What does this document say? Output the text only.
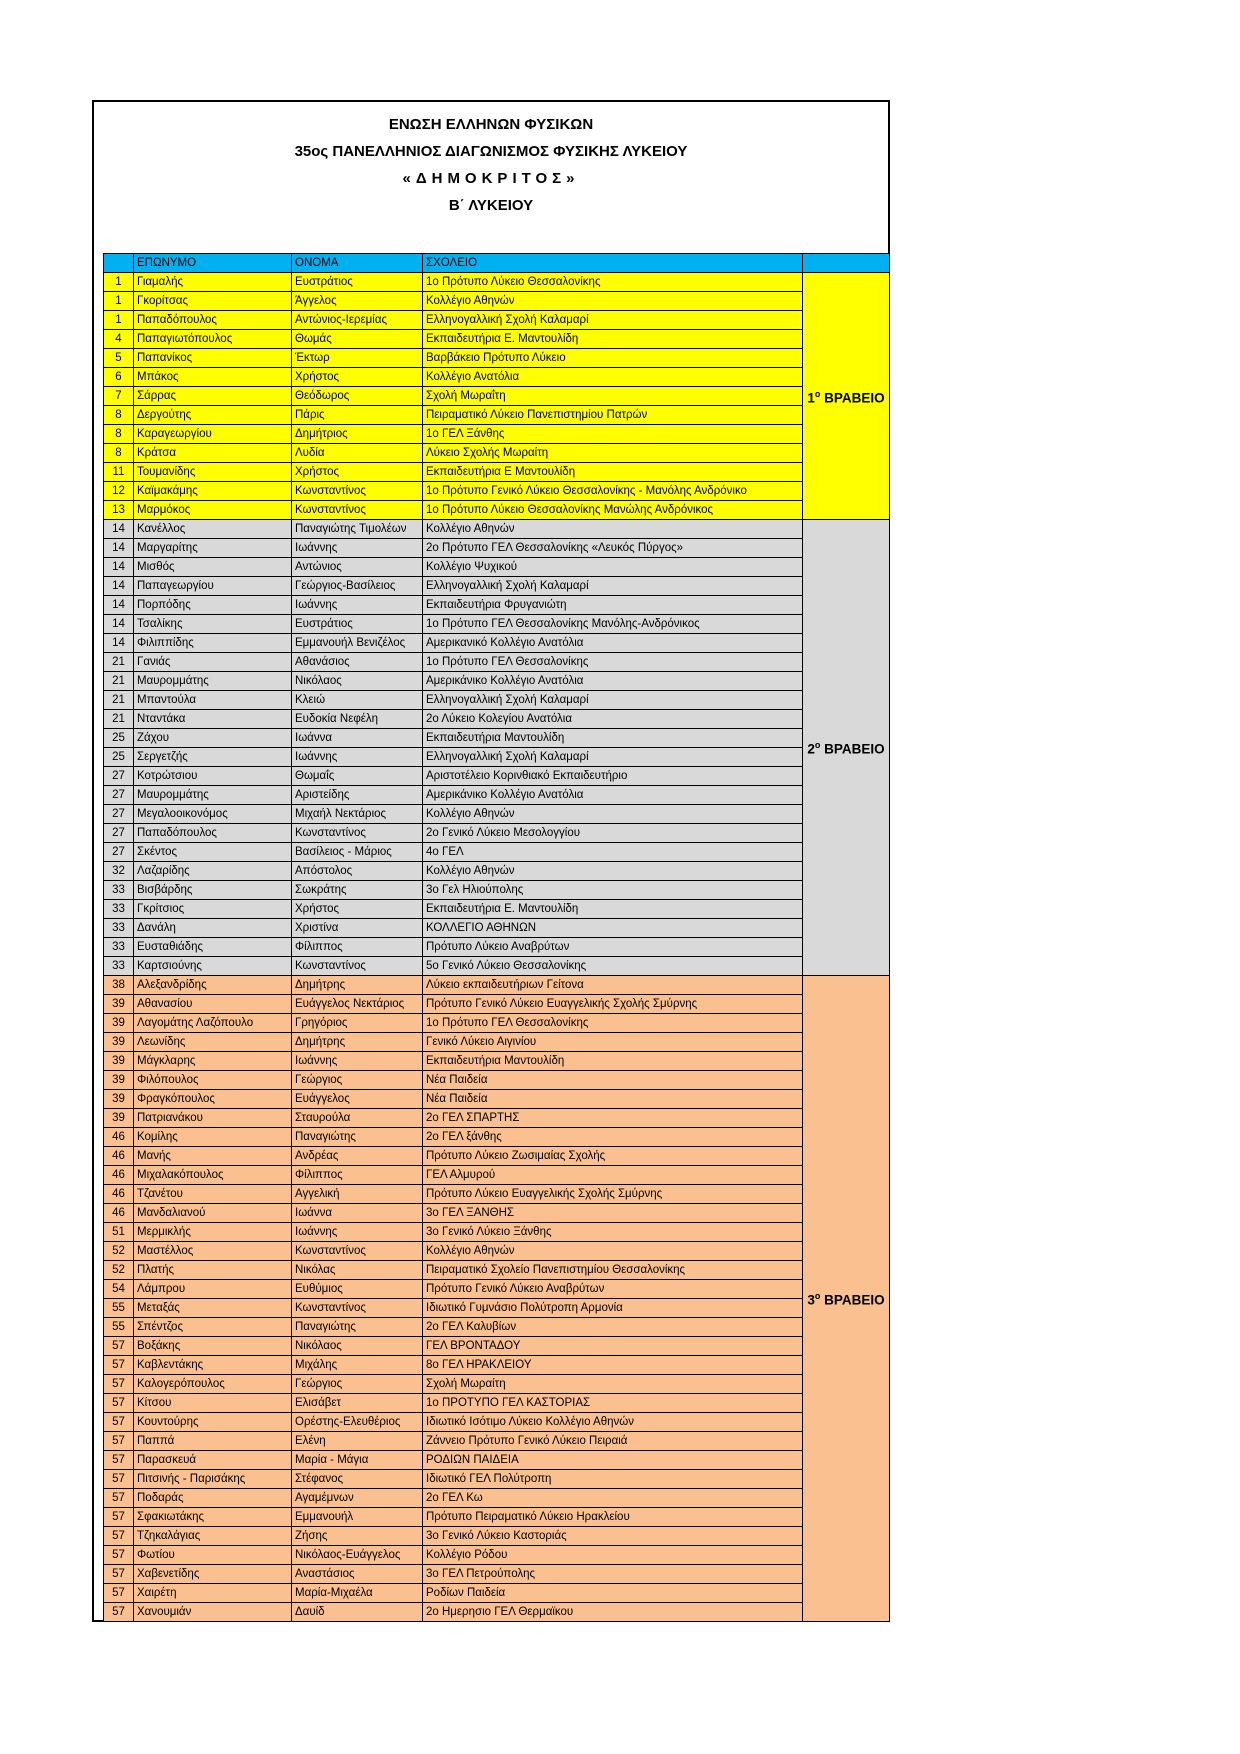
ΕΝΩΣΗ ΕΛΛΗΝΩΝ ΦΥΣΙΚΩΝ
35ος ΠΑΝΕΛΛΗΝΙΟΣ ΔΙΑΓΩΝΙΣΜΟΣ ΦΥΣΙΚΗΣ ΛΥΚΕΙΟΥ
«ΔΗΜΟΚΡΙΤΟΣ»
Β΄ ΛΥΚΕΙΟΥ
	ΕΠΩΝΥΜΟ	ΟΝΟΜΑ	ΣΧΟΛΕΙΟ	
1	Γιαμαλής	Ευστράτιος	1ο Πρότυπο Λύκειο Θεσσαλονίκης	$1^o$ ΒΡΑΒΕΙΟ
1	Γκορίτσας	Άγγελος	Κολλέγιο Αθηνών	
1	Παπαδόπουλος	Αντώνιος-Ιερεμίας	Ελληνογαλλική Σχολή Καλαμαρί	
4	Παπαγιωτόπουλος	Θωμάς	Εκπαιδευτήρια Ε. Μαντουλίδη	
5	Παπανίκος	Έκτωρ	Βαρβάκειο Πρότυπο Λύκειο	
6	Μπάκος	Χρήστος	Κολλέγιο Ανατόλια	
7	Σάρρας	Θεόδωρος	Σχολή Μωραΐτη	
8	Δεργούτης	Πάρις	Πειραματικό Λύκειο Πανεπιστημίου Πατρών	
8	Καραγεωργίου	Δημήτριος	1ο ΓΕΛ Ξάνθης	
8	Κράτσα	Λυδία	Λύκειο Σχολής Μωραίτη	
11	Τουμανίδης	Χρήστος	Εκπαιδευτήρια Ε Μαντουλίδη	
12	Καϊμακάμης	Κωνσταντίνος	1ο Πρότυπο Γενικό Λύκειο Θεσσαλονίκης - Μανόλης Ανδρόνικο	
13	Μαρμόκος	Κωνσταντίνος	1ο Πρότυπο Λύκειο Θεσσαλονίκης Μανώλης Ανδρόνικος	
14	Κανέλλος	Παναγιώτης Τιμολέων	Κολλέγιο Αθηνών	$2^o$ ΒΡΑΒΕΙΟ
14	Μαργαρίτης	Ιωάννης	2ο Πρότυπο ΓΕΛ Θεσσαλονίκης «Λευκός Πύργος»	
14	Μισθός	Αντώνιος	Κολλέγιο Ψυχικού	
14	Παπαγεωργίου	Γεώργιος-Βασίλειος	Ελληνογαλλική Σχολή Καλαμαρί	
14	Πορπόδης	Ιωάννης	Εκπαιδευτήρια Φρυγανιώτη	
14	Τσαλίκης	Ευστράτιος	1ο Πρότυπο ΓΕΛ Θεσσαλονίκης Μανόλης-Ανδρόνικος	
14	Φιλιππίδης	Εμμανουήλ Βενιζέλος	Αμερικανικό Κολλέγιο Ανατόλια	
21	Γανιάς	Αθανάσιος	1ο Πρότυπο ΓΕΛ Θεσσαλονίκης	
21	Μαυρομμάτης	Νικόλαος	Αμερικάνικο Κολλέγιο Ανατόλια	
21	Μπαντούλα	Κλειώ	Ελληνογαλλική Σχολή Καλαμαρί	
21	Νταντάκα	Ευδοκία Νεφέλη	2ο Λύκειο Κολεγίου Ανατόλια	
25	Ζάχου	Ιωάννα	Εκπαιδευτήρια Μαντουλίδη	
25	Σεργετζής	Ιωάννης	Ελληνογαλλική Σχολή Καλαμαρί	
27	Κοτρώτσιου	Θωμαΐς	Αριστοτέλειο Κορινθιακό Εκπαιδευτήριο	
27	Μαυρομμάτης	Αριστείδης	Αμερικάνικο Κολλέγιο Ανατόλια	
27	Μεγαλοοικονόμος	Μιχαήλ Νεκτάριος	Κολλέγιο Αθηνών	
27	Παπαδόπουλος	Κωνσταντίνος	2ο Γενικό Λύκειο Μεσολογγίου	
27	Σκέντος	Βασίλειος - Μάριος	4ο ΓΕΛ	
32	Λαζαρίδης	Απόστολος	Κολλέγιο Αθηνών	
33	Βισβάρδης	Σωκράτης	3ο Γελ Ηλιούπολης	
33	Γκρίτσιος	Χρήστος	Εκπαιδευτήρια Ε. Μαντουλίδη	
33	Δανάλη	Χριστίνα	ΚΟΛΛΕΓΙΟ ΑΘΗΝΩΝ	
33	Ευσταθιάδης	Φίλιππος	Πρότυπο Λύκειο Αναβρύτων	
33	Καρτσιούνης	Κωνσταντίνος	5ο Γενικό Λύκειο Θεσσαλονίκης	
38	Αλεξανδρίδης	Δημήτρης	Λύκειο εκπαιδευτήριων Γείτονα	$3^o$ ΒΡΑΒΕΙΟ
39	Αθανασίου	Ευάγγελος Νεκτάριος	Πρότυπο Γενικό Λύκειο Ευαγγελικής Σχολής Σμύρνης	
39	Λαγομάτης Λαζόπουλο	Γρηγόριος	1ο Πρότυπο ΓΕΛ Θεσσαλονίκης	
39	Λεωνίδης	Δημήτρης	Γενικό Λύκειο Αιγινίου	
39	Μάγκλαρης	Ιωάννης	Εκπαιδευτήρια Μαντουλίδη	
39	Φιλόπουλος	Γεώργιος	Νέα Παιδεία	
39	Φραγκόπουλος	Ευάγγελος	Νέα Παιδεία	
39	Πατριανάκου	Σταυρούλα	2ο ΓΕΛ ΣΠΑΡΤΗΣ	
46	Κομίλης	Παναγιώτης	2ο ΓΕΛ ξάνθης	
46	Μανής	Ανδρέας	Πρότυπο Λύκειο Ζωσιμαίας Σχολής	
46	Μιχαλακόπουλος	Φίλιππος	ΓΕΛ Αλμυρού	
46	Τζανέτου	Αγγελική	Πρότυπο Λύκειο Ευαγγελικής Σχολής Σμύρνης	
46	Μανδαλιανού	Ιωάννα	3ο ΓΕΛ ΞΑΝΘΗΣ	
51	Μερμικλής	Ιωάννης	3ο Γενικό Λύκειο Ξάνθης	
52	Μαστέλλος	Κωνσταντίνος	Κολλέγιο Αθηνών	
52	Πλατής	Νικόλας	Πειραματικό Σχολείο Πανεπιστημίου Θεσσαλονίκης	
54	Λάμπρου	Ευθύμιος	Πρότυπο Γενικό Λύκειο Αναβρύτων	
55	Μεταξάς	Κωνσταντίνος	Ιδιωτικό Γυμνάσιο Πολύτροπη Αρμονία	
55	Σπέντζος	Παναγιώτης	2ο ΓΕΛ Καλυβίων	
57	Βοξάκης	Νικόλαος	ΓΕΛ ΒΡΟΝΤΑΔΟΥ	
57	Καβλεντάκης	Μιχάλης	8ο ΓΕΛ ΗΡΑΚΛΕΙΟΥ	
57	Καλογερόπουλος	Γεώργιος	Σχολή Μωραίτη	
57	Κίτσου	Ελισάβετ	1ο ΠΡΟΤΥΠΟ ΓΕΛ ΚΑΣΤΟΡΙΑΣ	
57	Κουντούρης	Ορέστης-Ελευθέριος	Ιδιωτικό Ισότιμο Λύκειο Κολλέγιο Αθηνών	
57	Παππά	Ελένη	Ζάννειο Πρότυπο Γενικό Λύκειο Πειραιά	
57	Παρασκευά	Μαρία - Μάγια	ΡΟΔΙΩΝ ΠΑΙΔΕΙΑ	
57	Πιτσινής - Παρισάκης	Στέφανος	Ιδιωτικό ΓΕΛ Πολύτροπη	
57	Ποδαράς	Αγαμέμνων	2ο ΓΕΛ Κω	
57	Σφακιωτάκης	Εμμανουήλ	Πρότυπο Πειραματικό Λύκειο Ηρακλείου	
57	Τζηκαλάγιας	Ζήσης	3ο Γενικό Λύκειο Καστοριάς	
57	Φωτίου	Νικόλαος-Ευάγγελος	Κολλέγιο Ρόδου	
57	Χαβενετίδης	Αναστάσιος	3ο ΓΕΛ Πετρούπολης	
57	Χαιρέτη	Μαρία-Μιχαέλα	Ροδίων Παιδεία	
57	Χανουμιάν	Δαυίδ	2ο Ημερησιο ΓΕΛ Θερμαϊκου	
